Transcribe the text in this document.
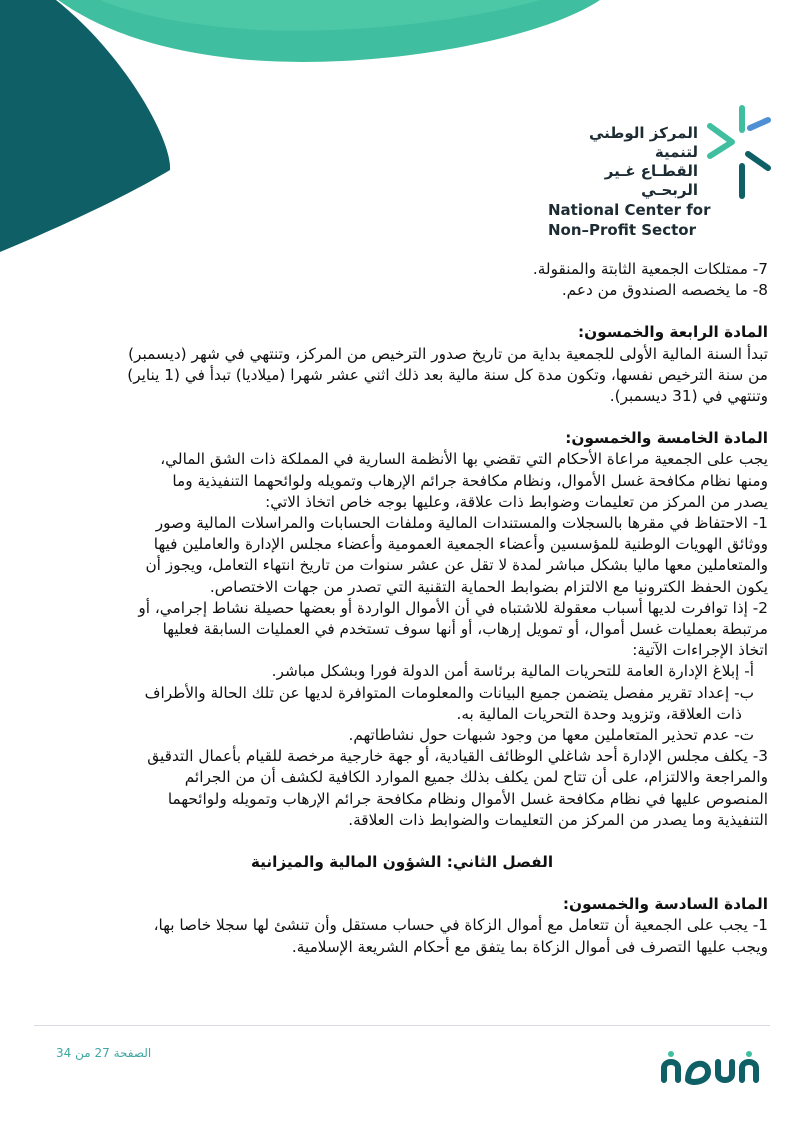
المركز الوطني لتنمية
القطـاع غـير الربحـي
National Center for
Non–Profit Sector

7- ممتلكات الجمعية الثابتة والمنقولة.

8- ما يخصصه الصندوق من دعم.

المادة الرابعة والخمسون:

تبدأ السنة المالية الأولى للجمعية بداية من تاريخ صدور الترخيص من المركز، وتنتهي في شهر (ديسمبر)

من سنة الترخيص نفسها، وتكون مدة كل سنة مالية بعد ذلك اثني عشر شهرا (ميلاديا) تبدأ في (1 يناير)

وتنتهي في (31 ديسمبر).

المادة الخامسة والخمسون:

يجب على الجمعية مراعاة الأحكام التي تقضي بها الأنظمة السارية في المملكة ذات الشق المالي،

ومنها نظام مكافحة غسل الأموال، ونظام مكافحة جرائم الإرهاب وتمويله ولوائحهما التنفيذية وما

يصدر من المركز من تعليمات وضوابط ذات علاقة، وعليها بوجه خاص اتخاذ الاتي:

1- الاحتفاظ في مقرها بالسجلات والمستندات المالية وملفات الحسابات والمراسلات المالية وصور

ووثائق الهويات الوطنية للمؤسسين وأعضاء الجمعية العمومية وأعضاء مجلس الإدارة والعاملين فيها

والمتعاملين معها ماليا بشكل مباشر لمدة لا تقل عن عشر سنوات من تاريخ انتهاء التعامل، ويجوز أن

يكون الحفظ الكترونيا مع الالتزام بضوابط الحماية التقنية التي تصدر من جهات الاختصاص.

2- إذا توافرت لديها أسباب معقولة للاشتباه في أن الأموال الواردة أو بعضها حصيلة نشاط إجرامي، أو

مرتبطة بعمليات غسل أموال، أو تمويل إرهاب، أو أنها سوف تستخدم في العمليات السابقة فعليها

اتخاذ الإجراءات الآتية:

أ- إبلاغ الإدارة العامة للتحريات المالية برئاسة أمن الدولة فورا وبشكل مباشر.

ب- إعداد تقرير مفصل يتضمن جميع البيانات والمعلومات المتوافرة لديها عن تلك الحالة والأطراف

ذات العلاقة، وتزويد وحدة التحريات المالية به.

ت- عدم تحذير المتعاملين معها من وجود شبهات حول نشاطاتهم.

3- يكلف مجلس الإدارة أحد شاغلي الوظائف القيادية، أو جهة خارجية مرخصة للقيام بأعمال التدقيق

والمراجعة والالتزام، على أن تتاح لمن يكلف بذلك جميع الموارد الكافية لكشف أن من الجرائم

المنصوص عليها في نظام مكافحة غسل الأموال ونظام مكافحة جرائم الإرهاب وتمويله ولوائحهما

التنفيذية وما يصدر من المركز من التعليمات والضوابط ذات العلاقة.

الفصل الثاني: الشؤون المالية والميزانية

المادة السادسة والخمسون:

1- يجب على الجمعية أن تتعامل مع أموال الزكاة في حساب مستقل وأن تنشئ لها سجلا خاصا بها،

ويجب عليها التصرف فى أموال الزكاة بما يتفق مع أحكام الشريعة الإسلامية.

الصفحة 27 من 34
